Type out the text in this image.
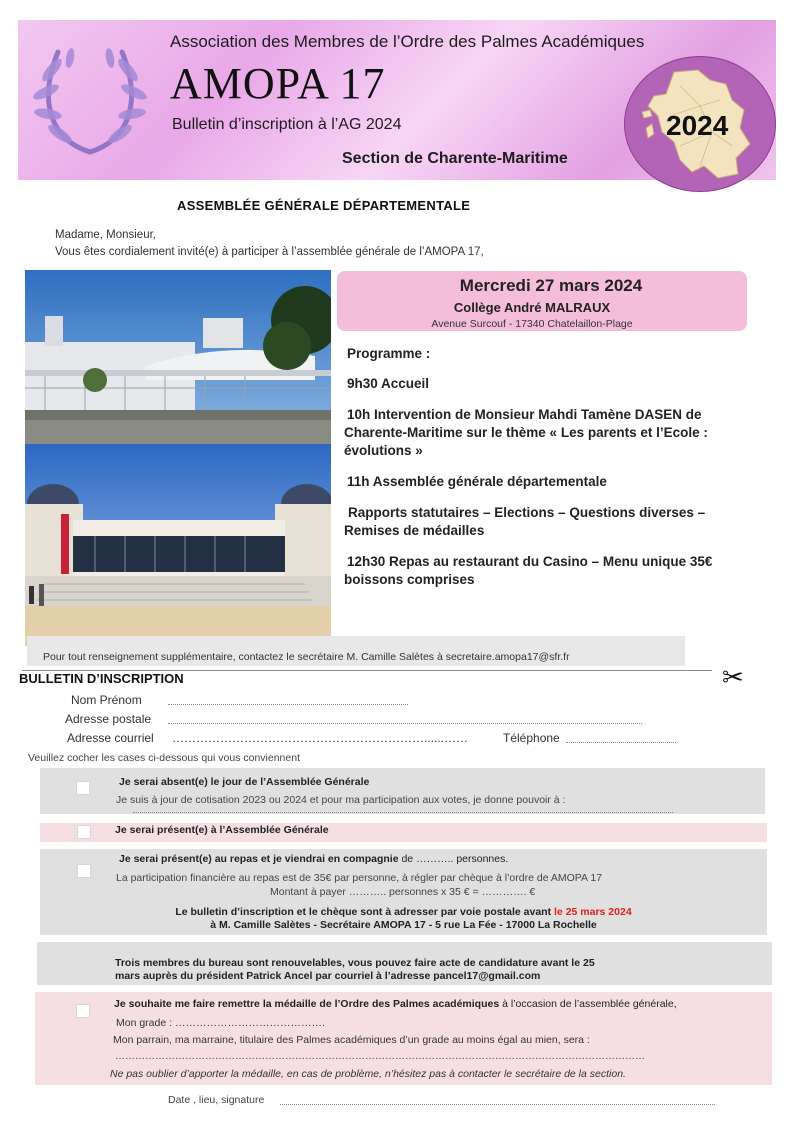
Association des Membres de l’Ordre des Palmes Académiques
AMOPA 17
Bulletin d’inscription à l’AG 2024
Section de Charente-Maritime
2024
ASSEMBLÉE GÉNÉRALE DÉPARTEMENTALE
Madame, Monsieur,
Vous êtes cordialement invité(e) à participer à l’assemblée générale de l’AMOPA 17,
Mercredi 27 mars 2024
Collège André MALRAUX
Avenue Surcouf - 17340 Chatelaillon-Plage
Programme :
9h30 Accueil
10h Intervention de Monsieur Mahdi Tamène DASEN de Charente-Maritime sur le thème « Les parents et l’Ecole : évolutions »
11h Assemblée générale départementale
Rapports statutaires – Elections – Questions diverses – Remises de médailles
12h30 Repas au restaurant du Casino – Menu unique 35€ boissons comprises
Pour tout renseignement supplémentaire, contactez le secrétaire M. Camille Salètes à secretaire.amopa17@sfr.fr
✂
BULLETIN D’INSCRIPTION
Nom Prénom
Adresse postale
Adresse courriel ………………………………………………………......……	Téléphone
Veuillez cocher les cases ci-dessous qui vous conviennent
Je serai absent(e) le jour de l’Assemblée Générale
Je suis à jour de cotisation 2023 ou 2024 et pour ma participation aux votes, je donne pouvoir à :
Je serai présent(e) à l’Assemblée Générale
Je serai présent(e) au repas et je viendrai en compagnie de ……….. personnes.
La participation financière au repas est de 35€ par personne, à régler par chèque à l’ordre de AMOPA 17
Montant à payer ……….. personnes x 35 € = …………. €
Le bulletin d’inscription et le chèque sont à adresser par voie postale avant le 25 mars 2024
à M. Camille Salètes - Secrétaire AMOPA 17 - 5 rue La Fée - 17000 La Rochelle
Trois membres du bureau sont renouvelables, vous pouvez faire acte de candidature avant le 25
mars auprès du président Patrick Ancel par courriel à l’adresse pancel17@gmail.com
Je souhaite me faire remettre la médaille de l’Ordre des Palmes académiques à l’occasion de l’assemblée générale,
Mon grade : …………………………………….
Mon parrain, ma marraine, titulaire des Palmes académiques d’un grade au moins égal au mien, sera :
……………………………………………………………………………………………………………………………………………
Ne pas oublier d’apporter la médaille, en cas de problème, n’hésitez pas à contacter le secrétaire de la section.
Date , lieu, signature
